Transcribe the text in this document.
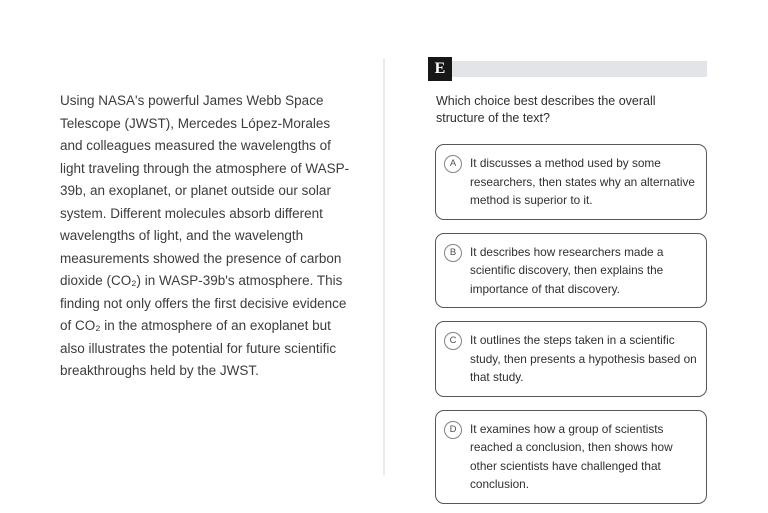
Using NASA's powerful James Webb Space Telescope (JWST), Mercedes López-Morales and colleagues measured the wavelengths of light traveling through the atmosphere of WASP-39b, an exoplanet, or planet outside our solar system. Different molecules absorb different wavelengths of light, and the wavelength measurements showed the presence of carbon dioxide (CO₂) in WASP-39b's atmosphere. This finding not only offers the first decisive evidence of CO₂ in the atmosphere of an exoplanet but also illustrates the potential for future scientific breakthroughs held by the JWST.
E
Which choice best describes the overall structure of the text?
A	It discusses a method used by some researchers, then states why an alternative method is superior to it.
B	It describes how researchers made a scientific discovery, then explains the importance of that discovery.
C	It outlines the steps taken in a scientific study, then presents a hypothesis based on that study.
D	It examines how a group of scientists reached a conclusion, then shows how other scientists have challenged that conclusion.
